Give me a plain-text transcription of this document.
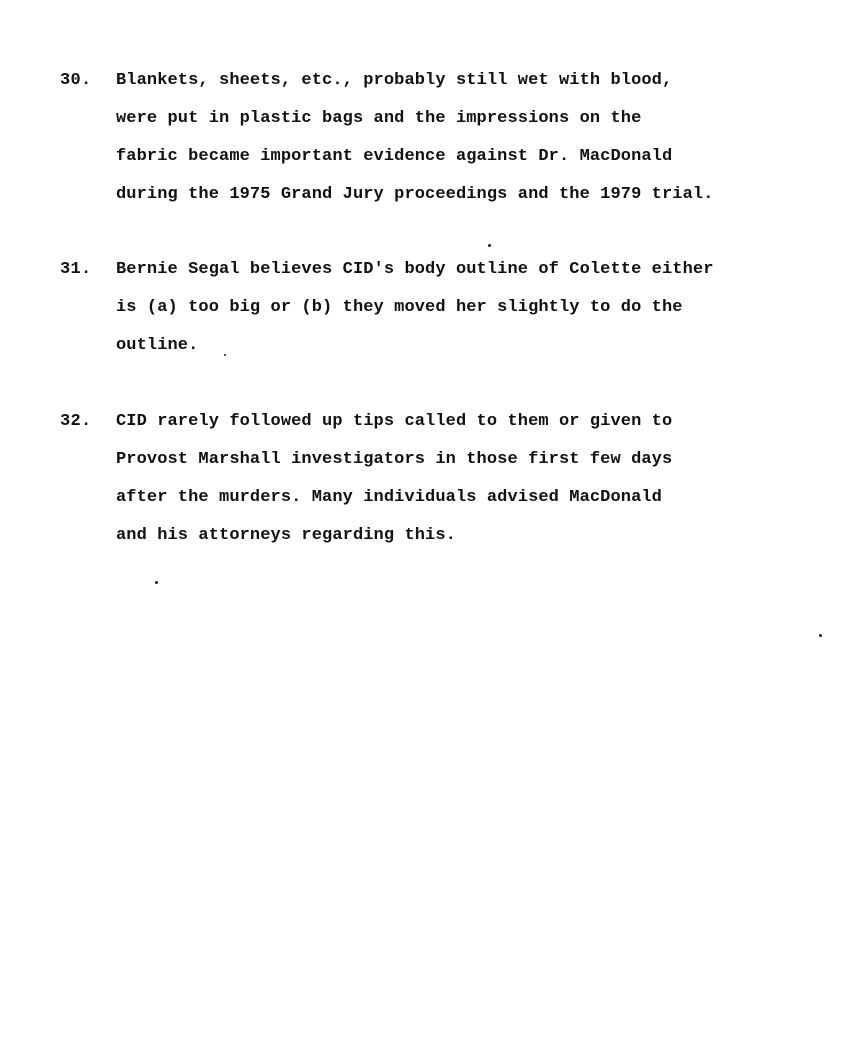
30. Blankets, sheets, etc., probably still wet with blood,
were put in plastic bags and the impressions on the
fabric became important evidence against Dr. MacDonald
during the 1975 Grand Jury proceedings and the 1979 trial.
31. Bernie Segal believes CID's body outline of Colette either
is (a) too big or (b) they moved her slightly to do the
outline.
32. CID rarely followed up tips called to them or given to
Provost Marshall investigators in those first few days
after the murders. Many individuals advised MacDonald
and his attorneys regarding this.
